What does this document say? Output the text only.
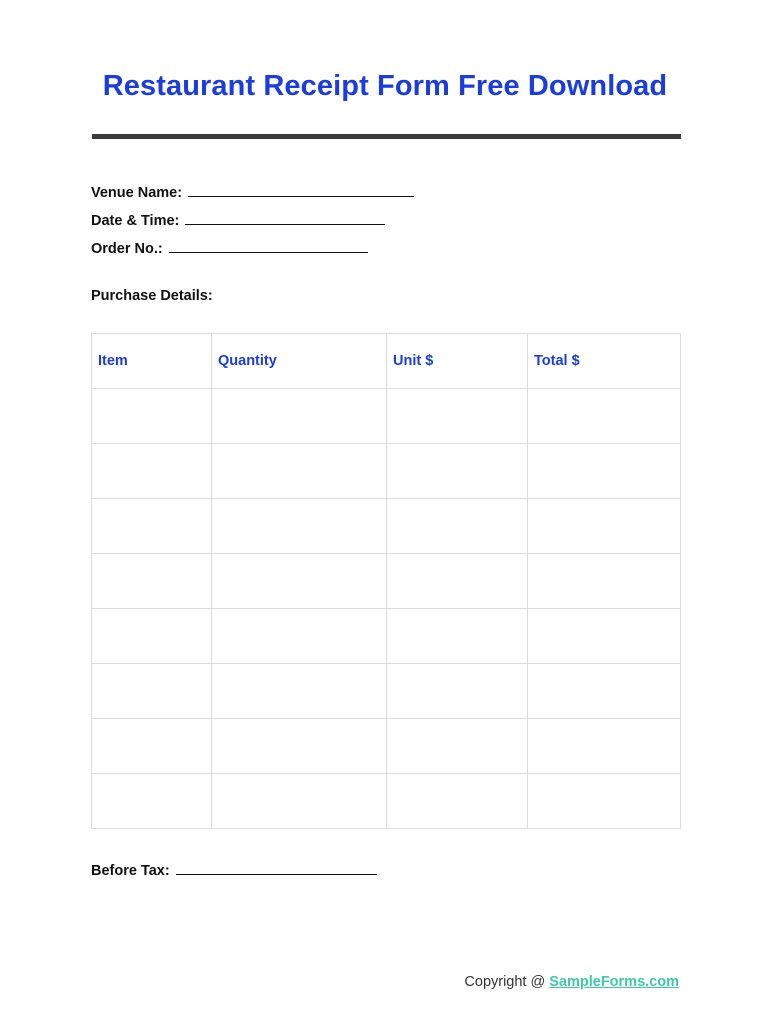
Restaurant Receipt Form Free Download
Venue Name:
Date & Time:
Order No.:
Purchase Details:
Item	Quantity	Unit $	Total $

Before Tax:
Copyright @ SampleForms.com
